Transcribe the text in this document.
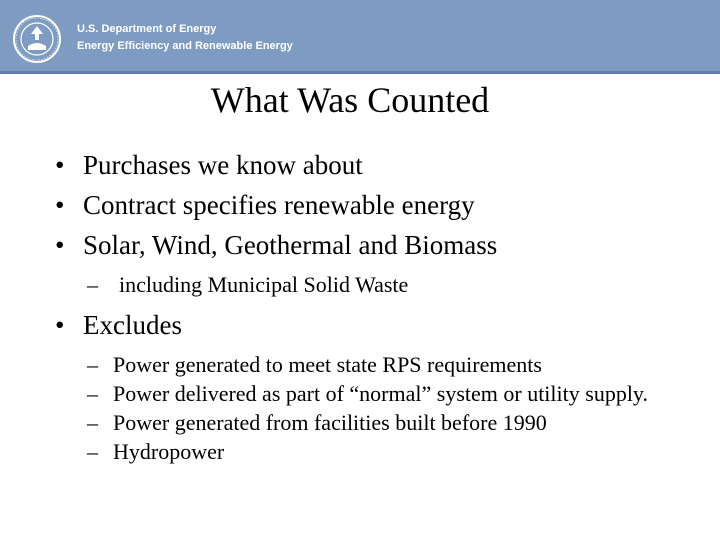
U.S. Department of Energy
Energy Efficiency and Renewable Energy
What Was Counted
• Purchases we know about
• Contract specifies renewable energy
• Solar, Wind, Geothermal and Biomass
– including Municipal Solid Waste
• Excludes
– Power generated to meet state RPS requirements
– Power delivered as part of “normal” system or utility supply.
– Power generated from facilities built before 1990
– Hydropower
